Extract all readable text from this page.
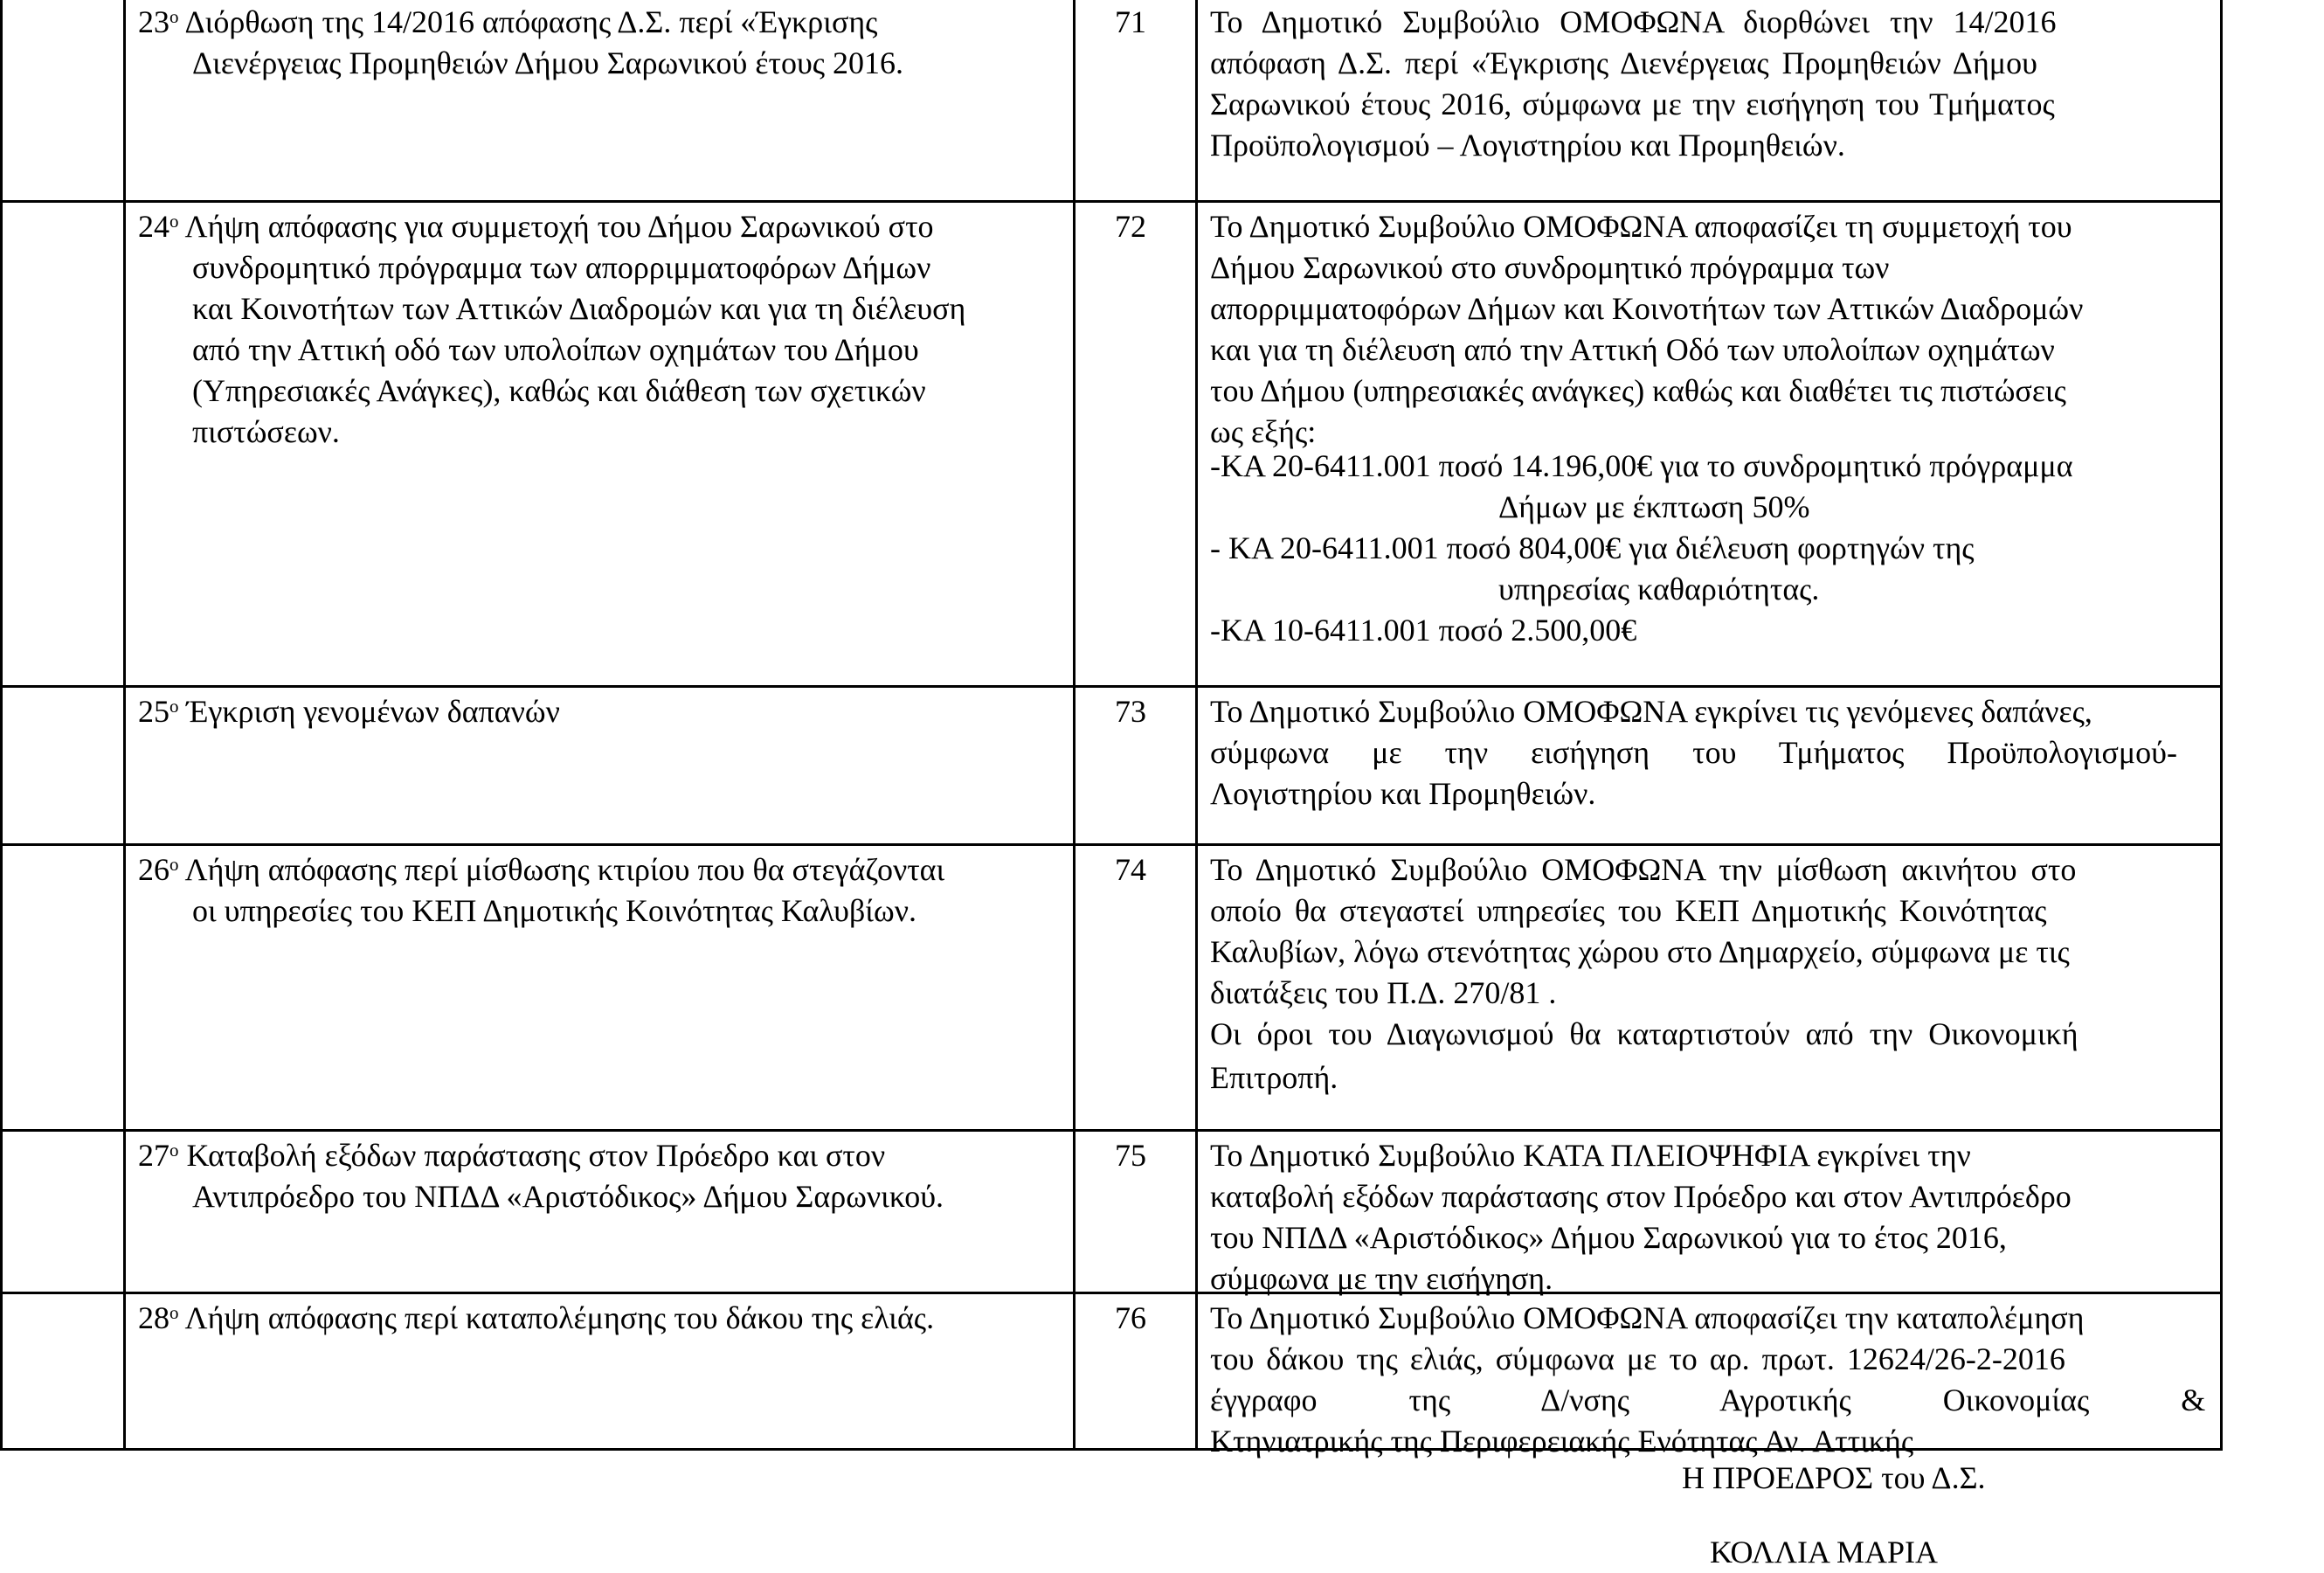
$23^o$ Διόρθωση της 14/2016 απόφασης Δ.Σ. περί «Έγκρισης
Διενέργειας Προμηθειών Δήμου Σαρωνικού έτους 2016.
71 Το Δημοτικό Συμβούλιο ΟΜΟΦΩΝΑ διορθώνει την 14/2016
απόφαση Δ.Σ. περί «Έγκρισης Διενέργειας Προμηθειών Δήμου
Σαρωνικού έτους 2016, σύμφωνα με την εισήγηση του Τμήματος
Προϋπολογισμού – Λογιστηρίου και Προμηθειών.
$24^o$ Λήψη απόφασης για συμμετοχή του Δήμου Σαρωνικού στο
συνδρομητικό πρόγραμμα των απορριμματοφόρων Δήμων
και Κοινοτήτων των Αττικών Διαδρομών και για τη διέλευση
από την Αττική οδό των υπολοίπων οχημάτων του Δήμου
(Υπηρεσιακές Ανάγκες), καθώς και διάθεση των σχετικών
πιστώσεων.
72 Το Δημοτικό Συμβούλιο ΟΜΟΦΩΝΑ αποφασίζει τη συμμετοχή του
Δήμου Σαρωνικού στο συνδρομητικό πρόγραμμα των
απορριμματοφόρων Δήμων και Κοινοτήτων των Αττικών Διαδρομών
και για τη διέλευση από την Αττική Οδό των υπολοίπων οχημάτων
του Δήμου (υπηρεσιακές ανάγκες) καθώς και διαθέτει τις πιστώσεις
ως εξής:
-ΚΑ 20-6411.001 ποσό 14.196,00€ για το συνδρομητικό πρόγραμμα
Δήμων με έκπτωση 50%
- ΚΑ 20-6411.001 ποσό 804,00€ για διέλευση φορτηγών της
υπηρεσίας καθαριότητας.
-ΚΑ 10-6411.001 ποσό 2.500,00€
$25^o$ Έγκριση γενομένων δαπανών	73 Το Δημοτικό Συμβούλιο ΟΜΟΦΩΝΑ εγκρίνει τις γενόμενες δαπάνες,
σύμφωνα με την εισήγηση του Τμήματος Προϋπολογισμού-
Λογιστηρίου και Προμηθειών.
$26^o$ Λήψη απόφασης περί μίσθωσης κτιρίου που θα στεγάζονται
οι υπηρεσίες του ΚΕΠ Δημοτικής Κοινότητας Καλυβίων.
74 Το Δημοτικό Συμβούλιο ΟΜΟΦΩΝΑ την μίσθωση ακινήτου στο
οποίο θα στεγαστεί υπηρεσίες του ΚΕΠ Δημοτικής Κοινότητας
Καλυβίων, λόγω στενότητας χώρου στο Δημαρχείο, σύμφωνα με τις
διατάξεις του Π.Δ. 270/81 .
Οι όροι του Διαγωνισμού θα καταρτιστούν από την Οικονομική
Επιτροπή.
$27^o$ Καταβολή εξόδων παράστασης στον Πρόεδρο και στον
Αντιπρόεδρο του ΝΠΔΔ «Αριστόδικος» Δήμου Σαρωνικού.
75 Το Δημοτικό Συμβούλιο ΚΑΤΑ ΠΛΕΙΟΨΗΦΙΑ εγκρίνει την
καταβολή εξόδων παράστασης στον Πρόεδρο και στον Αντιπρόεδρο
του ΝΠΔΔ «Αριστόδικος» Δήμου Σαρωνικού για το έτος 2016,
σύμφωνα με την εισήγηση.
$28^o$ Λήψη απόφασης περί καταπολέμησης του δάκου της ελιάς.	76 Το Δημοτικό Συμβούλιο ΟΜΟΦΩΝΑ αποφασίζει την καταπολέμηση
του δάκου της ελιάς, σύμφωνα με το αρ. πρωτ. 12624/26-2-2016
έγγραφο της Δ/νσης Αγροτικής Οικονομίας &
Κτηνιατρικής της Περιφερειακής Ενότητας Αν. Αττικής
Η ΠΡΟΕΔΡΟΣ του Δ.Σ.
ΚΟΛΛΙΑ ΜΑΡΙΑ
